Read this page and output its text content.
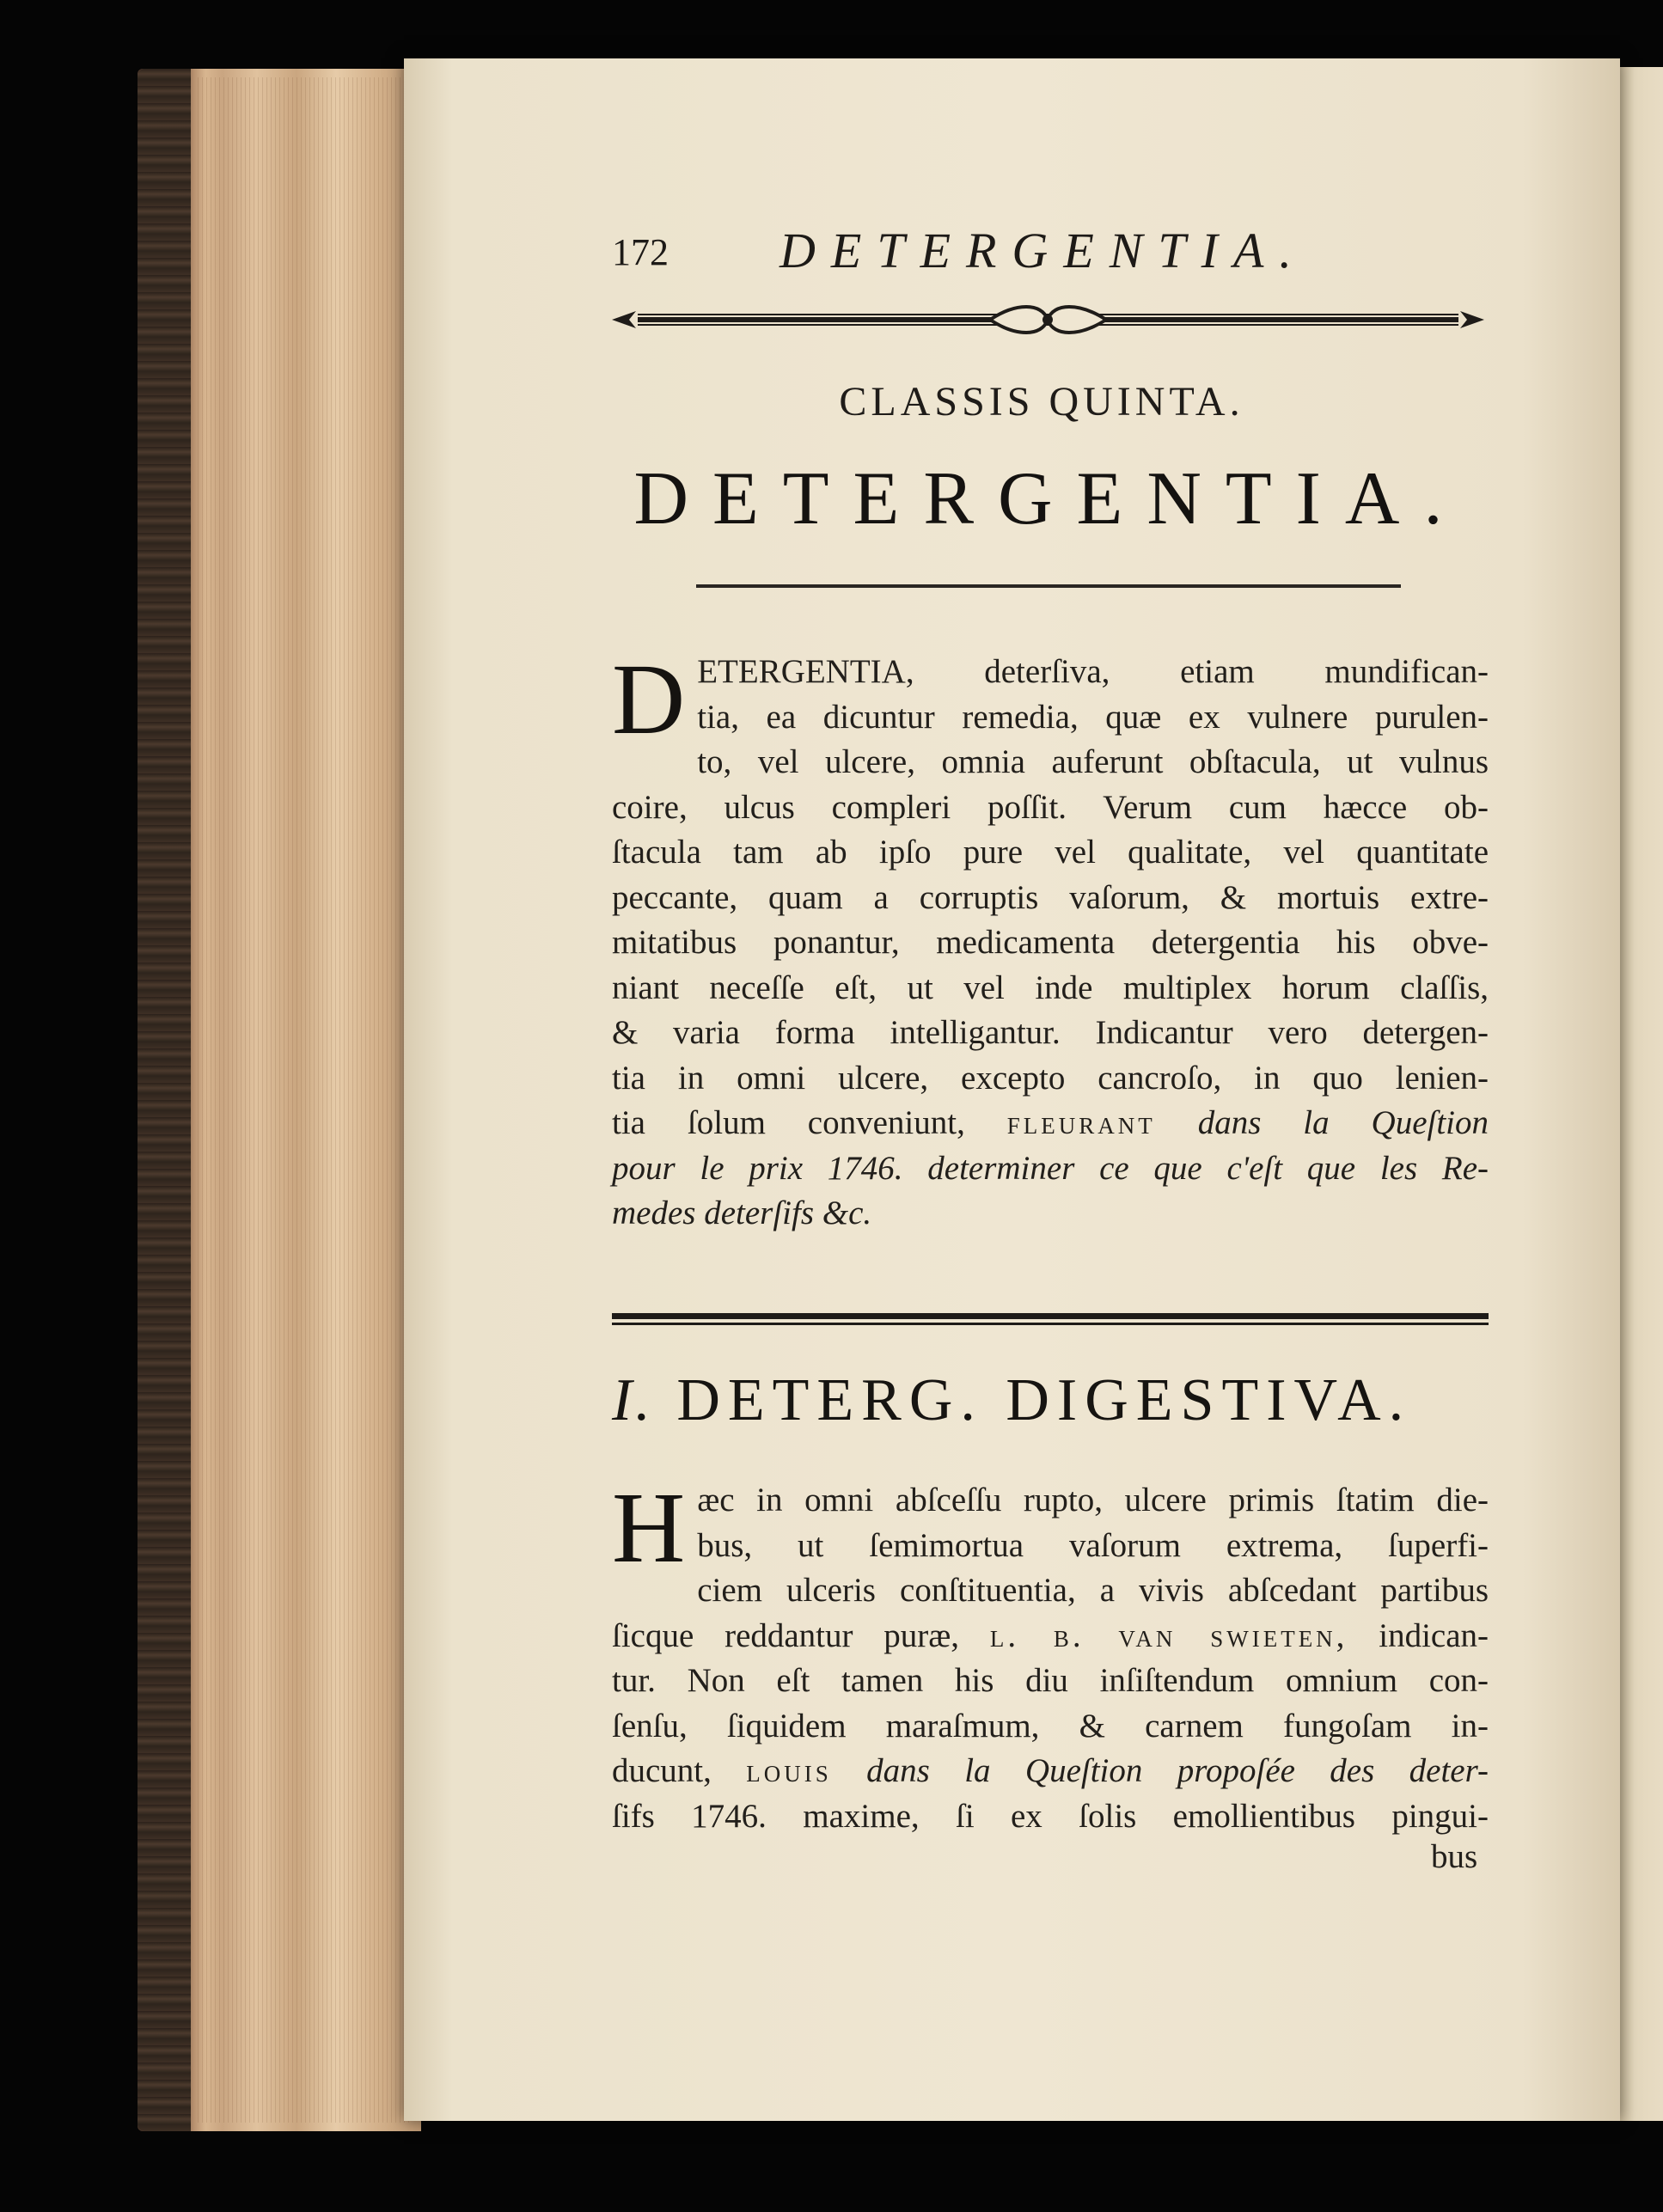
172 DETERGENTIA.
CLASSIS QUINTA.
DETERGENTIA.
D ETERGENTIA, deterſiva, etiam mundifican-
tia, ea dicuntur remedia, quæ ex vulnere purulen-
to, vel ulcere, omnia auferunt obſtacula, ut vulnus
coire, ulcus compleri poſſit. Verum cum hæcce ob-
ſtacula tam ab ipſo pure vel qualitate, vel quantitate
peccante, quam a corruptis vaſorum, & mortuis extre-
mitatibus ponantur, medicamenta detergentia his obve-
niant neceſſe eſt, ut vel inde multiplex horum claſſis,
& varia forma intelligantur. Indicantur vero detergen-
tia in omni ulcere, excepto cancroſo, in quo lenien-
tia ſolum conveniunt, fleurant dans la Queſtion
pour le prix 1746. determiner ce que c'eſt que les Re-
medes deterſifs &c.
I. DETERG. DIGESTIVA.
H æc in omni abſceſſu rupto, ulcere primis ſtatim die-
bus, ut ſemimortua vaſorum extrema, ſuperfi-
ciem ulceris conſtituentia, a vivis abſcedant partibus
ſicque reddantur puræ, l. b. van swieten, indican-
tur. Non eſt tamen his diu inſiſtendum omnium con-
ſenſu, ſiquidem maraſmum, & carnem fungoſam in-
ducunt, louis dans la Queſtion propoſée des deter-
ſifs 1746. maxime, ſi ex ſolis emollientibus pingui-
bus
